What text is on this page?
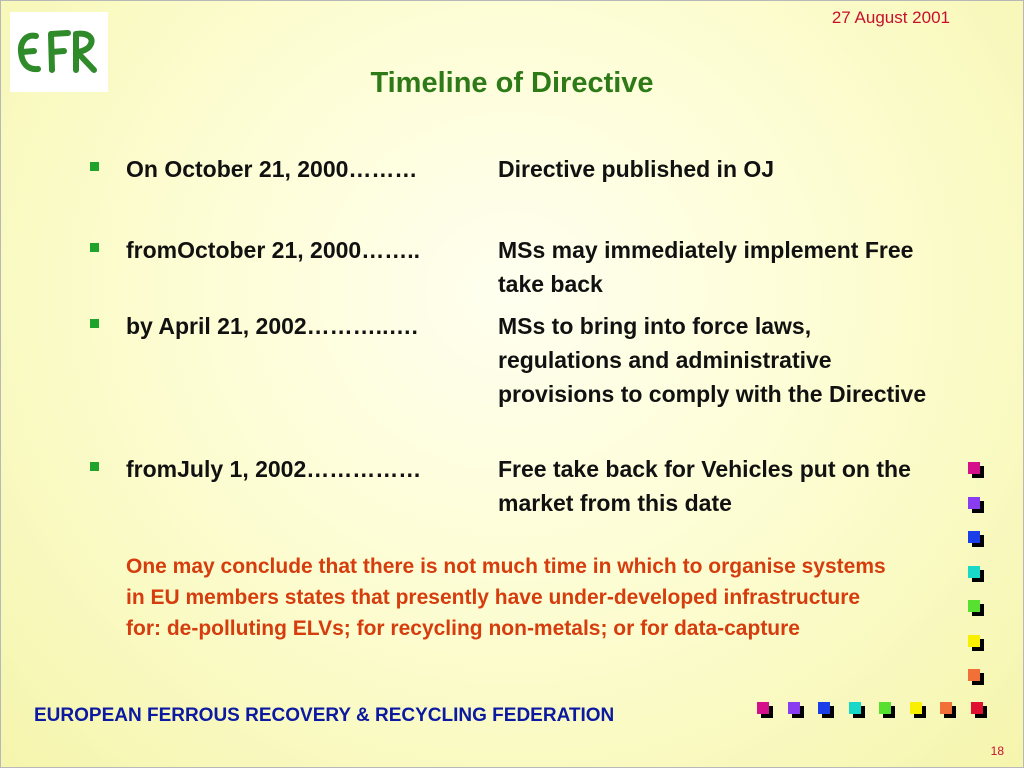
27 August 2001
Timeline of Directive
On October 21, 2000………	Directive published in OJ
fromOctober 21, 2000……..	MSs may immediately implement Free take back
by April 21, 2002………..….	MSs to bring into force laws, regulations and administrative provisions to comply with the Directive
fromJuly 1, 2002……………	Free take back for Vehicles put on the market from this date
One may conclude that there is not much time in which to organise systems in EU members states that presently have under-developed infrastructure for: de-polluting ELVs; for recycling non-metals; or for data-capture
EUROPEAN FERROUS RECOVERY & RECYCLING FEDERATION
18
